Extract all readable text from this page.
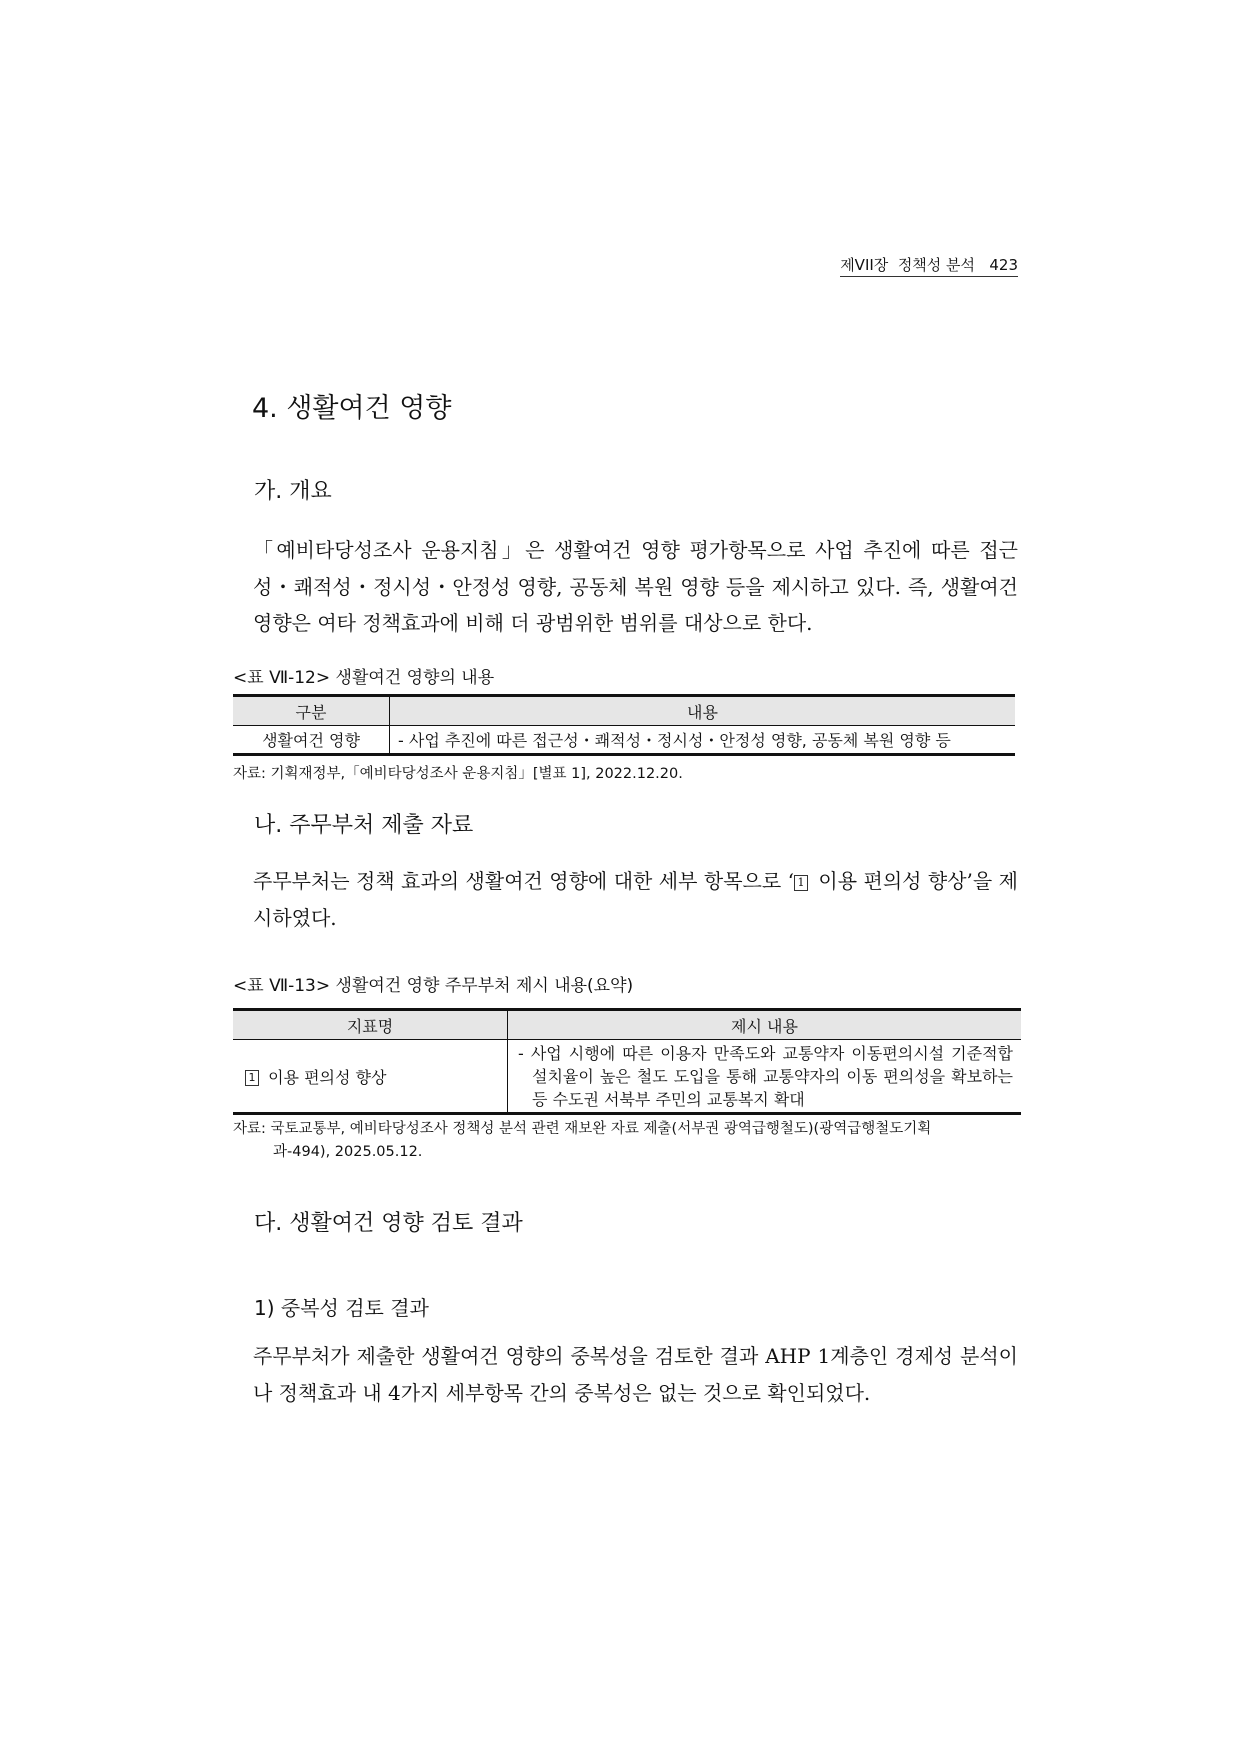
제VII장  정책성 분석 423
4. 생활여건 영향
가. 개요
「예비타당성조사 운용지침」은 생활여건 영향 평가항목으로 사업 추진에 따른 접근성・쾌적성・정시성・안정성 영향, 공동체 복원 영향 등을 제시하고 있다. 즉, 생활여건 영향은 여타 정책효과에 비해 더 광범위한 범위를 대상으로 한다.
<표 Ⅶ-12> 생활여건 영향의 내용
구분	내용
생활여건 영향	- 사업 추진에 따른 접근성・쾌적성・정시성・안정성 영향, 공동체 복원 영향 등
자료: 기획재정부,「예비타당성조사 운용지침」[별표 1], 2022.12.20.
나. 주무부처 제출 자료
주무부처는 정책 효과의 생활여건 영향에 대한 세부 항목으로 ‘ 1 이용 편의성 향상’을 제시하였다.
<표 Ⅶ-13> 생활여건 영향 주무부처 제시 내용(요약)
지표명	제시 내용
1 이용 편의성 향상	- 사업 시행에 따른 이용자 만족도와 교통약자 이동편의시설 기준적합 설치율이 높은 철도 도입을 통해 교통약자의 이동 편의성을 확보하는 등 수도권 서북부 주민의 교통복지 확대
자료: 국토교통부, 예비타당성조사 정책성 분석 관련 재보완 자료 제출(서부권 광역급행철도)(광역급행철도기획
과-494), 2025.05.12.
다. 생활여건 영향 검토 결과
1) 중복성 검토 결과
주무부처가 제출한 생활여건 영향의 중복성을 검토한 결과 AHP 1계층인 경제성 분석이나 정책효과 내 4가지 세부항목 간의 중복성은 없는 것으로 확인되었다.
